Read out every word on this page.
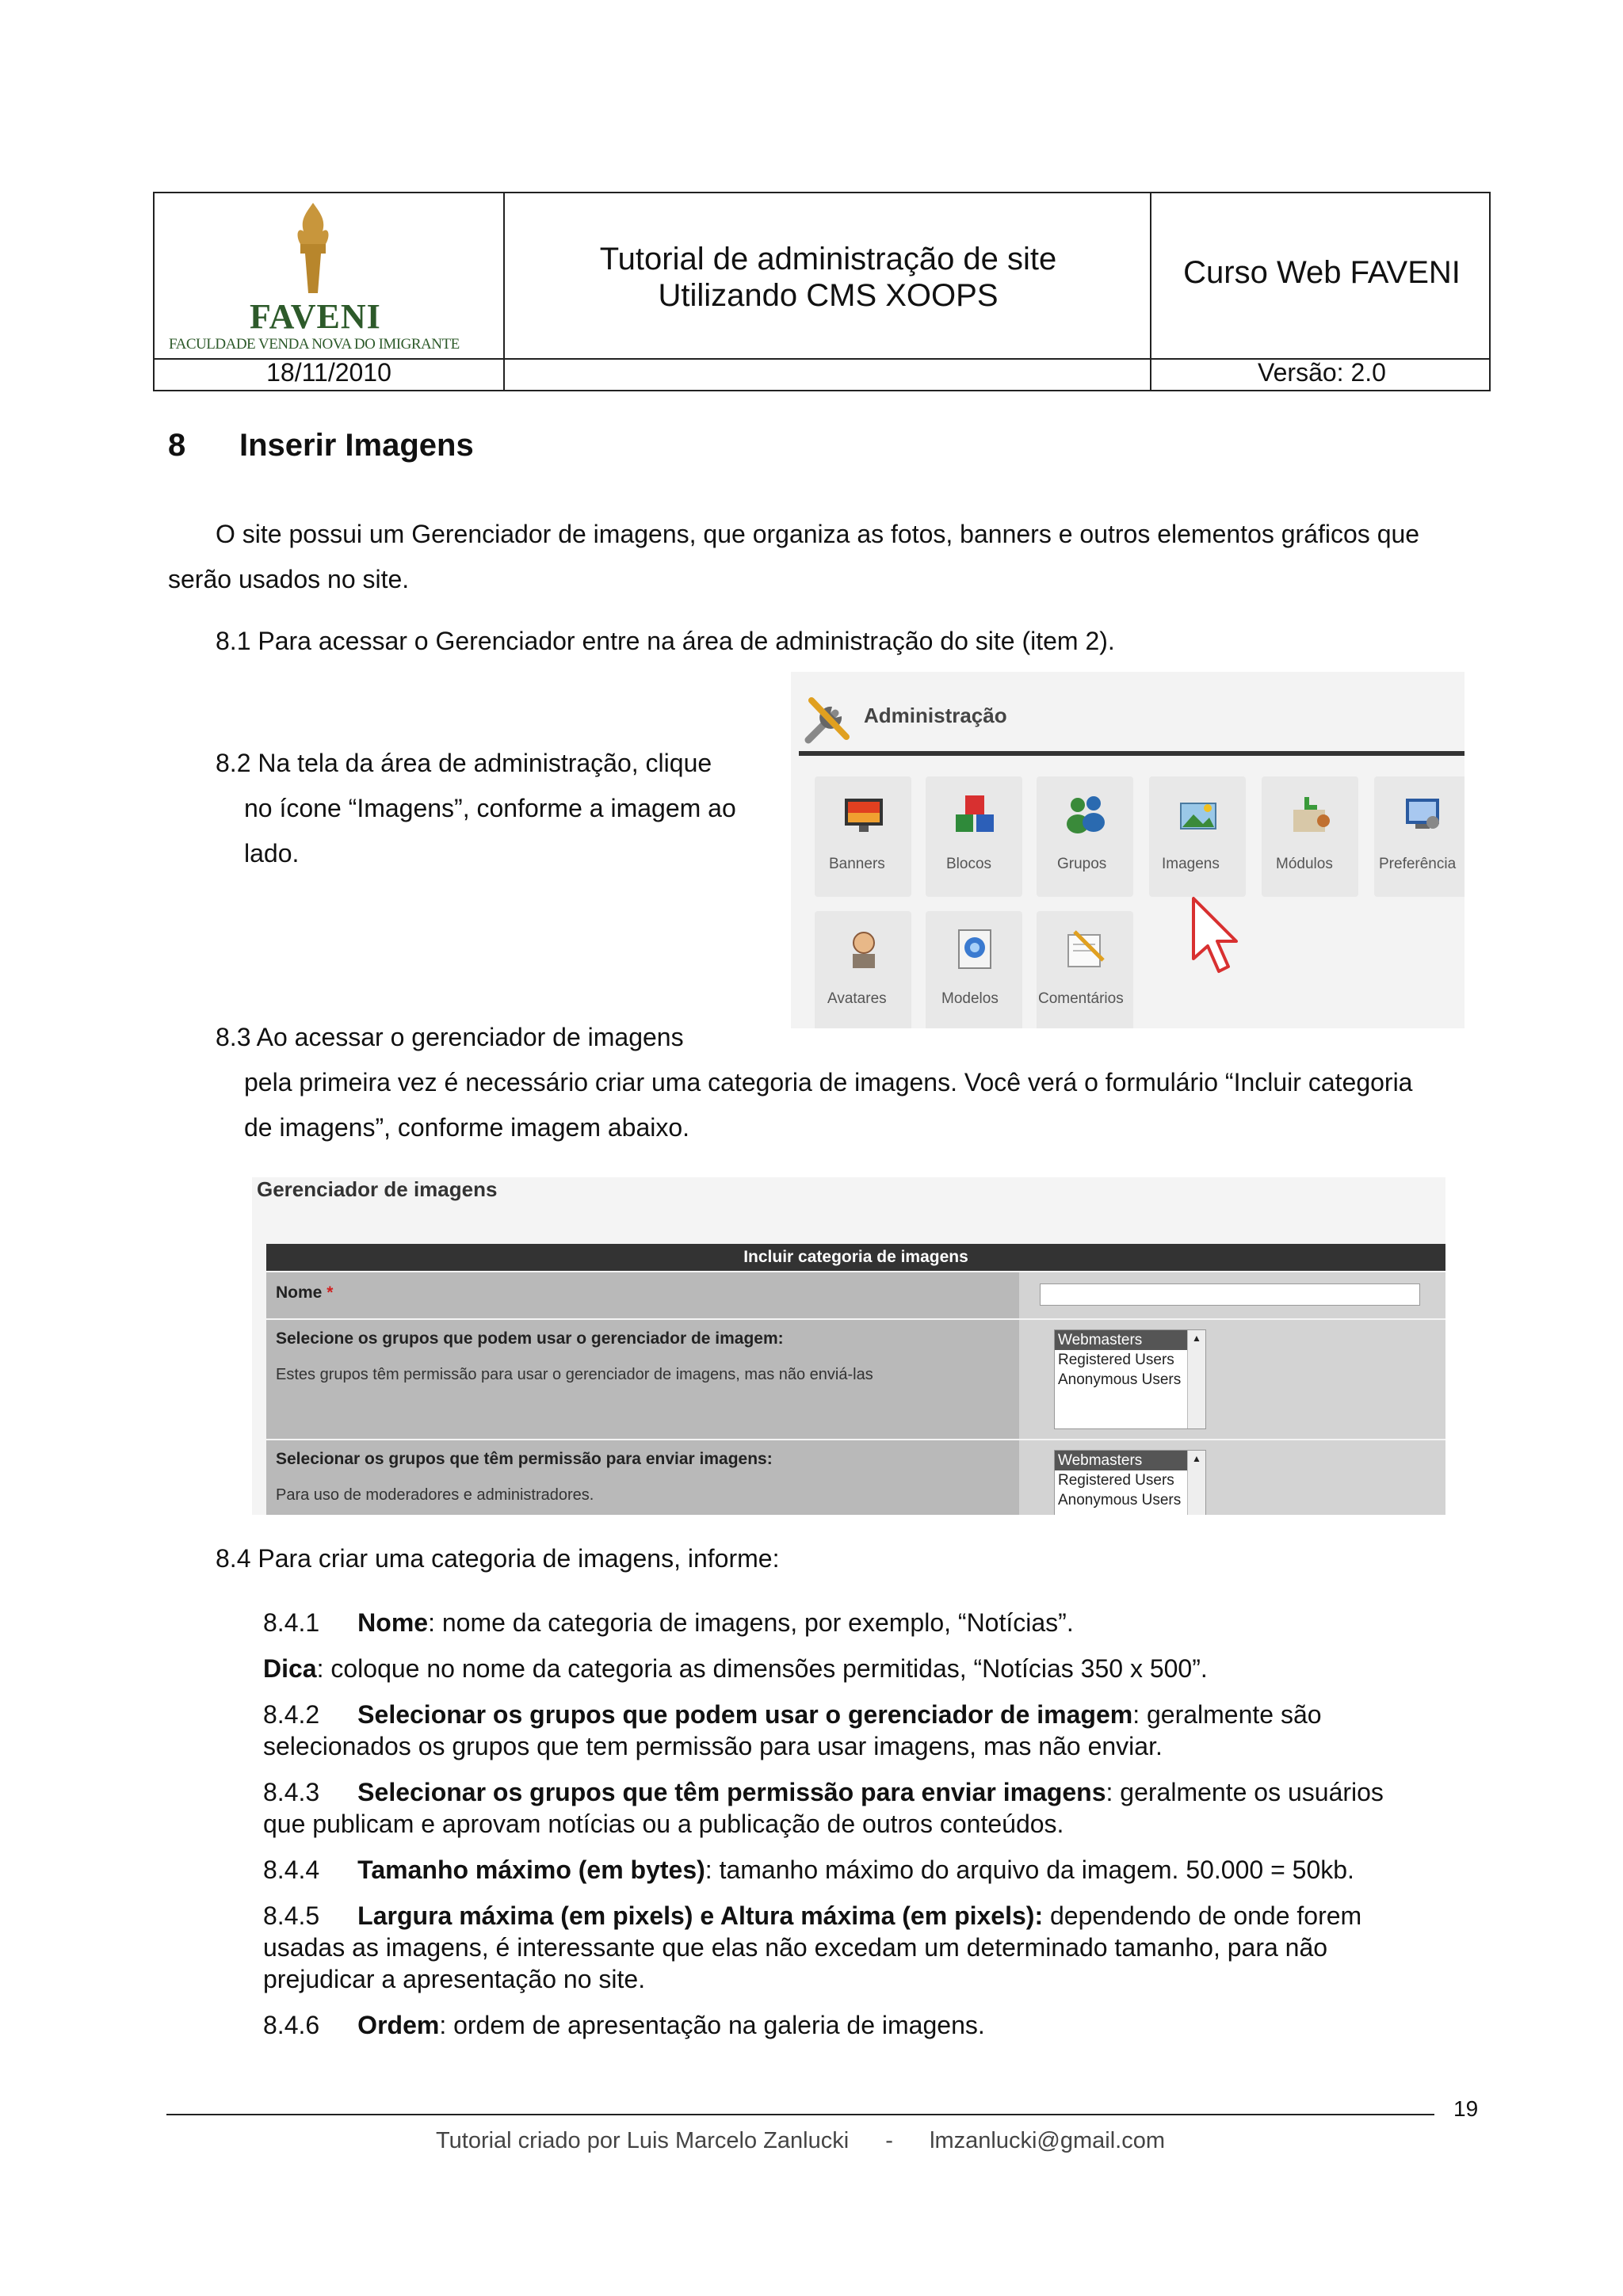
FAVENI
FACULDADE VENDA NOVA DO IMIGRANTE
Tutorial de administração de site
Utilizando CMS XOOPS
Curso Web FAVENI
18/11/2010	Versão: 2.0
8 Inserir Imagens
O site possui um Gerenciador de imagens, que organiza as fotos, banners e outros elementos gráficos que
serão usados no site.
8.1 Para acessar o Gerenciador entre na área de administração do site (item 2).
8.2 Na tela da área de administração, clique
no ícone “Imagens”, conforme a imagem ao
lado.
Administração
Banners	Blocos	Grupos	Imagens	Módulos	Preferência
Avatares	Modelos	Comentários
8.3 Ao acessar o gerenciador de imagens
pela primeira vez é necessário criar uma categoria de imagens. Você verá o formulário “Incluir categoria
de imagens”, conforme imagem abaixo.
Gerenciador de imagens
Incluir categoria de imagens
Nome *
Selecione os grupos que podem usar o gerenciador de imagem:
Estes grupos têm permissão para usar o gerenciador de imagens, mas não enviá-las
Webmasters
Registered Users
Anonymous Users
▲
Selecionar os grupos que têm permissão para enviar imagens:
Para uso de moderadores e administradores.
Webmasters
Registered Users
Anonymous Users
▲
8.4 Para criar uma categoria de imagens, informe:
8.4.1 Nome: nome da categoria de imagens, por exemplo, “Notícias”.
Dica: coloque no nome da categoria as dimensões permitidas, “Notícias 350 x 500”.
8.4.2 Selecionar os grupos que podem usar o gerenciador de imagem: geralmente são
selecionados os grupos que tem permissão para usar imagens, mas não enviar.
8.4.3 Selecionar os grupos que têm permissão para enviar imagens: geralmente os usuários
que publicam e aprovam notícias ou a publicação de outros conteúdos.
8.4.4 Tamanho máximo (em bytes): tamanho máximo do arquivo da imagem. 50.000 = 50kb.
8.4.5 Largura máxima (em pixels) e Altura máxima (em pixels): dependendo de onde forem
usadas as imagens, é interessante que elas não excedam um determinado tamanho, para não
prejudicar a apresentação no site.
8.4.6 Ordem: ordem de apresentação na galeria de imagens.
19
Tutorial criado por Luis Marcelo Zanlucki - lmzanlucki@gmail.com
